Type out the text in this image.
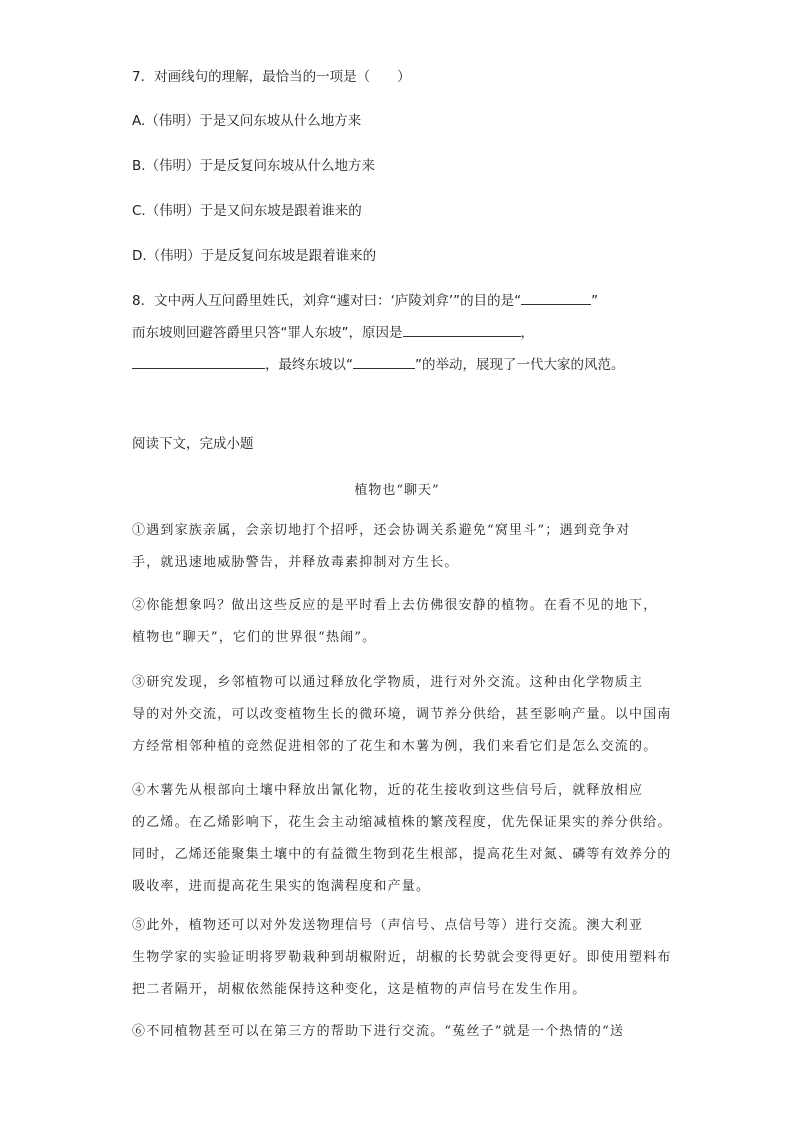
7．对画线句的理解，最恰当的一项是（　　）
A.（伟明）于是又问东坡从什么地方来
B.（伟明）于是反复问东坡从什么地方来
C.（伟明）于是又问东坡是跟着谁来的
D.（伟明）于是反复问东坡是跟着谁来的
8．文中两人互问爵里姓氏，刘弇“遽对曰：‘庐陵刘弇’”的目的是“	”
而东坡则回避答爵里只答“罪人东坡”，原因是	，
，最终东坡以“	”的举动，展现了一代大家的风范。
阅读下文，完成小题
植物也“聊天”
①遇到家族亲属，会亲切地打个招呼，还会协调关系避免“窝里斗”；遇到竞争对
手，就迅速地威胁警告，并释放毒素抑制对方生长。
②你能想象吗？做出这些反应的是平时看上去仿佛很安静的植物。在看不见的地下，
植物也“聊天”，它们的世界很“热闹”。
③研究发现，乡邻植物可以通过释放化学物质，进行对外交流。这种由化学物质主
导的对外交流，可以改变植物生长的微环境，调节养分供给，甚至影响产量。以中国南
方经常相邻种植的竞然促进相邻的了花生和木薯为例，我们来看它们是怎么交流的。
④木薯先从根部向土壤中释放出氰化物，近的花生接收到这些信号后，就释放相应
的乙烯。在乙烯影响下，花生会主动缩减植株的繁茂程度，优先保证果实的养分供给。
同时，乙烯还能聚集土壤中的有益微生物到花生根部，提高花生对氮、磷等有效养分的
吸收率，进而提高花生果实的饱满程度和产量。
⑤此外，植物还可以对外发送物理信号（声信号、点信号等）进行交流。澳大利亚
生物学家的实验证明将罗勒栽种到胡椒附近，胡椒的长势就会变得更好。即使用塑料布
把二者隔开，胡椒依然能保持这种变化，这是植物的声信号在发生作用。
⑥不同植物甚至可以在第三方的帮助下进行交流。“菟丝子”就是一个热情的“送
